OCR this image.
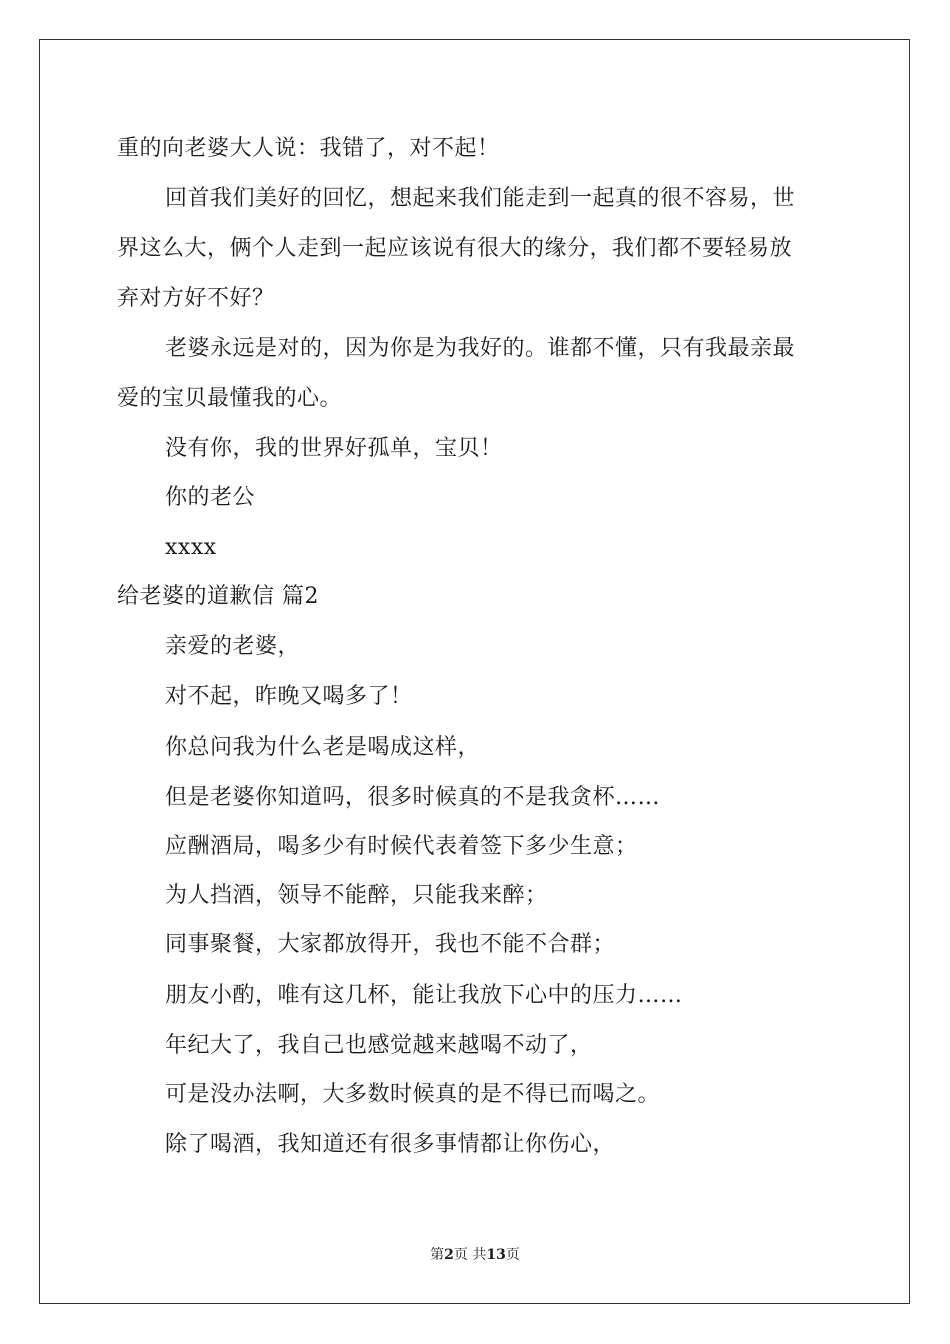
重的向老婆大人说：我错了，对不起！
回首我们美好的回忆，想起来我们能走到一起真的很不容易，世
界这么大，俩个人走到一起应该说有很大的缘分，我们都不要轻易放
弃对方好不好？
老婆永远是对的，因为你是为我好的。谁都不懂，只有我最亲最
爱的宝贝最懂我的心。
没有你，我的世界好孤单，宝贝！
你的老公
xxxx
给老婆的道歉信 篇2
亲爱的老婆，
对不起，昨晚又喝多了！
你总问我为什么老是喝成这样，
但是老婆你知道吗，很多时候真的不是我贪杯……
应酬酒局，喝多少有时候代表着签下多少生意；
为人挡酒，领导不能醉，只能我来醉；
同事聚餐，大家都放得开，我也不能不合群；
朋友小酌，唯有这几杯，能让我放下心中的压力……
年纪大了，我自己也感觉越来越喝不动了，
可是没办法啊，大多数时候真的是不得已而喝之。
除了喝酒，我知道还有很多事情都让你伤心，
第2页 共13页
